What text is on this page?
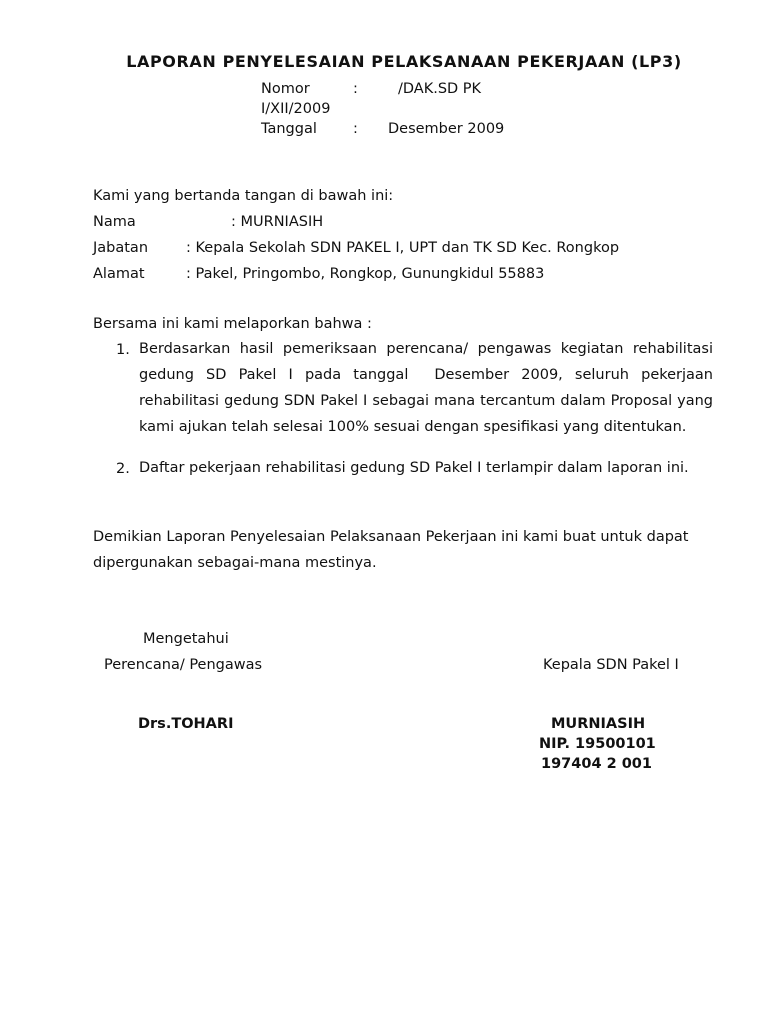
LAPORAN PENYELESAIAN PELAKSANAAN PEKERJAAN (LP3)
Nomor	:	/DAK.SD PK
I/XII/2009
Tanggal : Desember 2009
Kami yang bertanda tangan di bawah ini:
Nama	: MURNIASIH
Jabatan	: Kepala Sekolah SDN PAKEL I, UPT dan TK SD Kec. Rongkop
Alamat	: Pakel, Pringombo, Rongkop, Gunungkidul 55883
Bersama ini kami melaporkan bahwa :
1. Berdasarkan hasil pemeriksaan perencana/ pengawas kegiatan rehabilitasi gedung SD Pakel I pada tanggal Desember 2009, seluruh pekerjaan rehabilitasi gedung SDN Pakel I sebagai mana tercantum dalam Proposal yang kami ajukan telah selesai 100% sesuai dengan spesifikasi yang ditentukan.
2. Daftar pekerjaan rehabilitasi gedung SD Pakel I terlampir dalam laporan ini.
Demikian Laporan Penyelesaian Pelaksanaan Pekerjaan ini kami buat untuk dapat dipergunakan sebagai-mana mestinya.
Mengetahui
Perencana/ Pengawas	Kepala SDN Pakel I
Drs.TOHARI	MURNIASIH
NIP. 19500101
197404 2 001
